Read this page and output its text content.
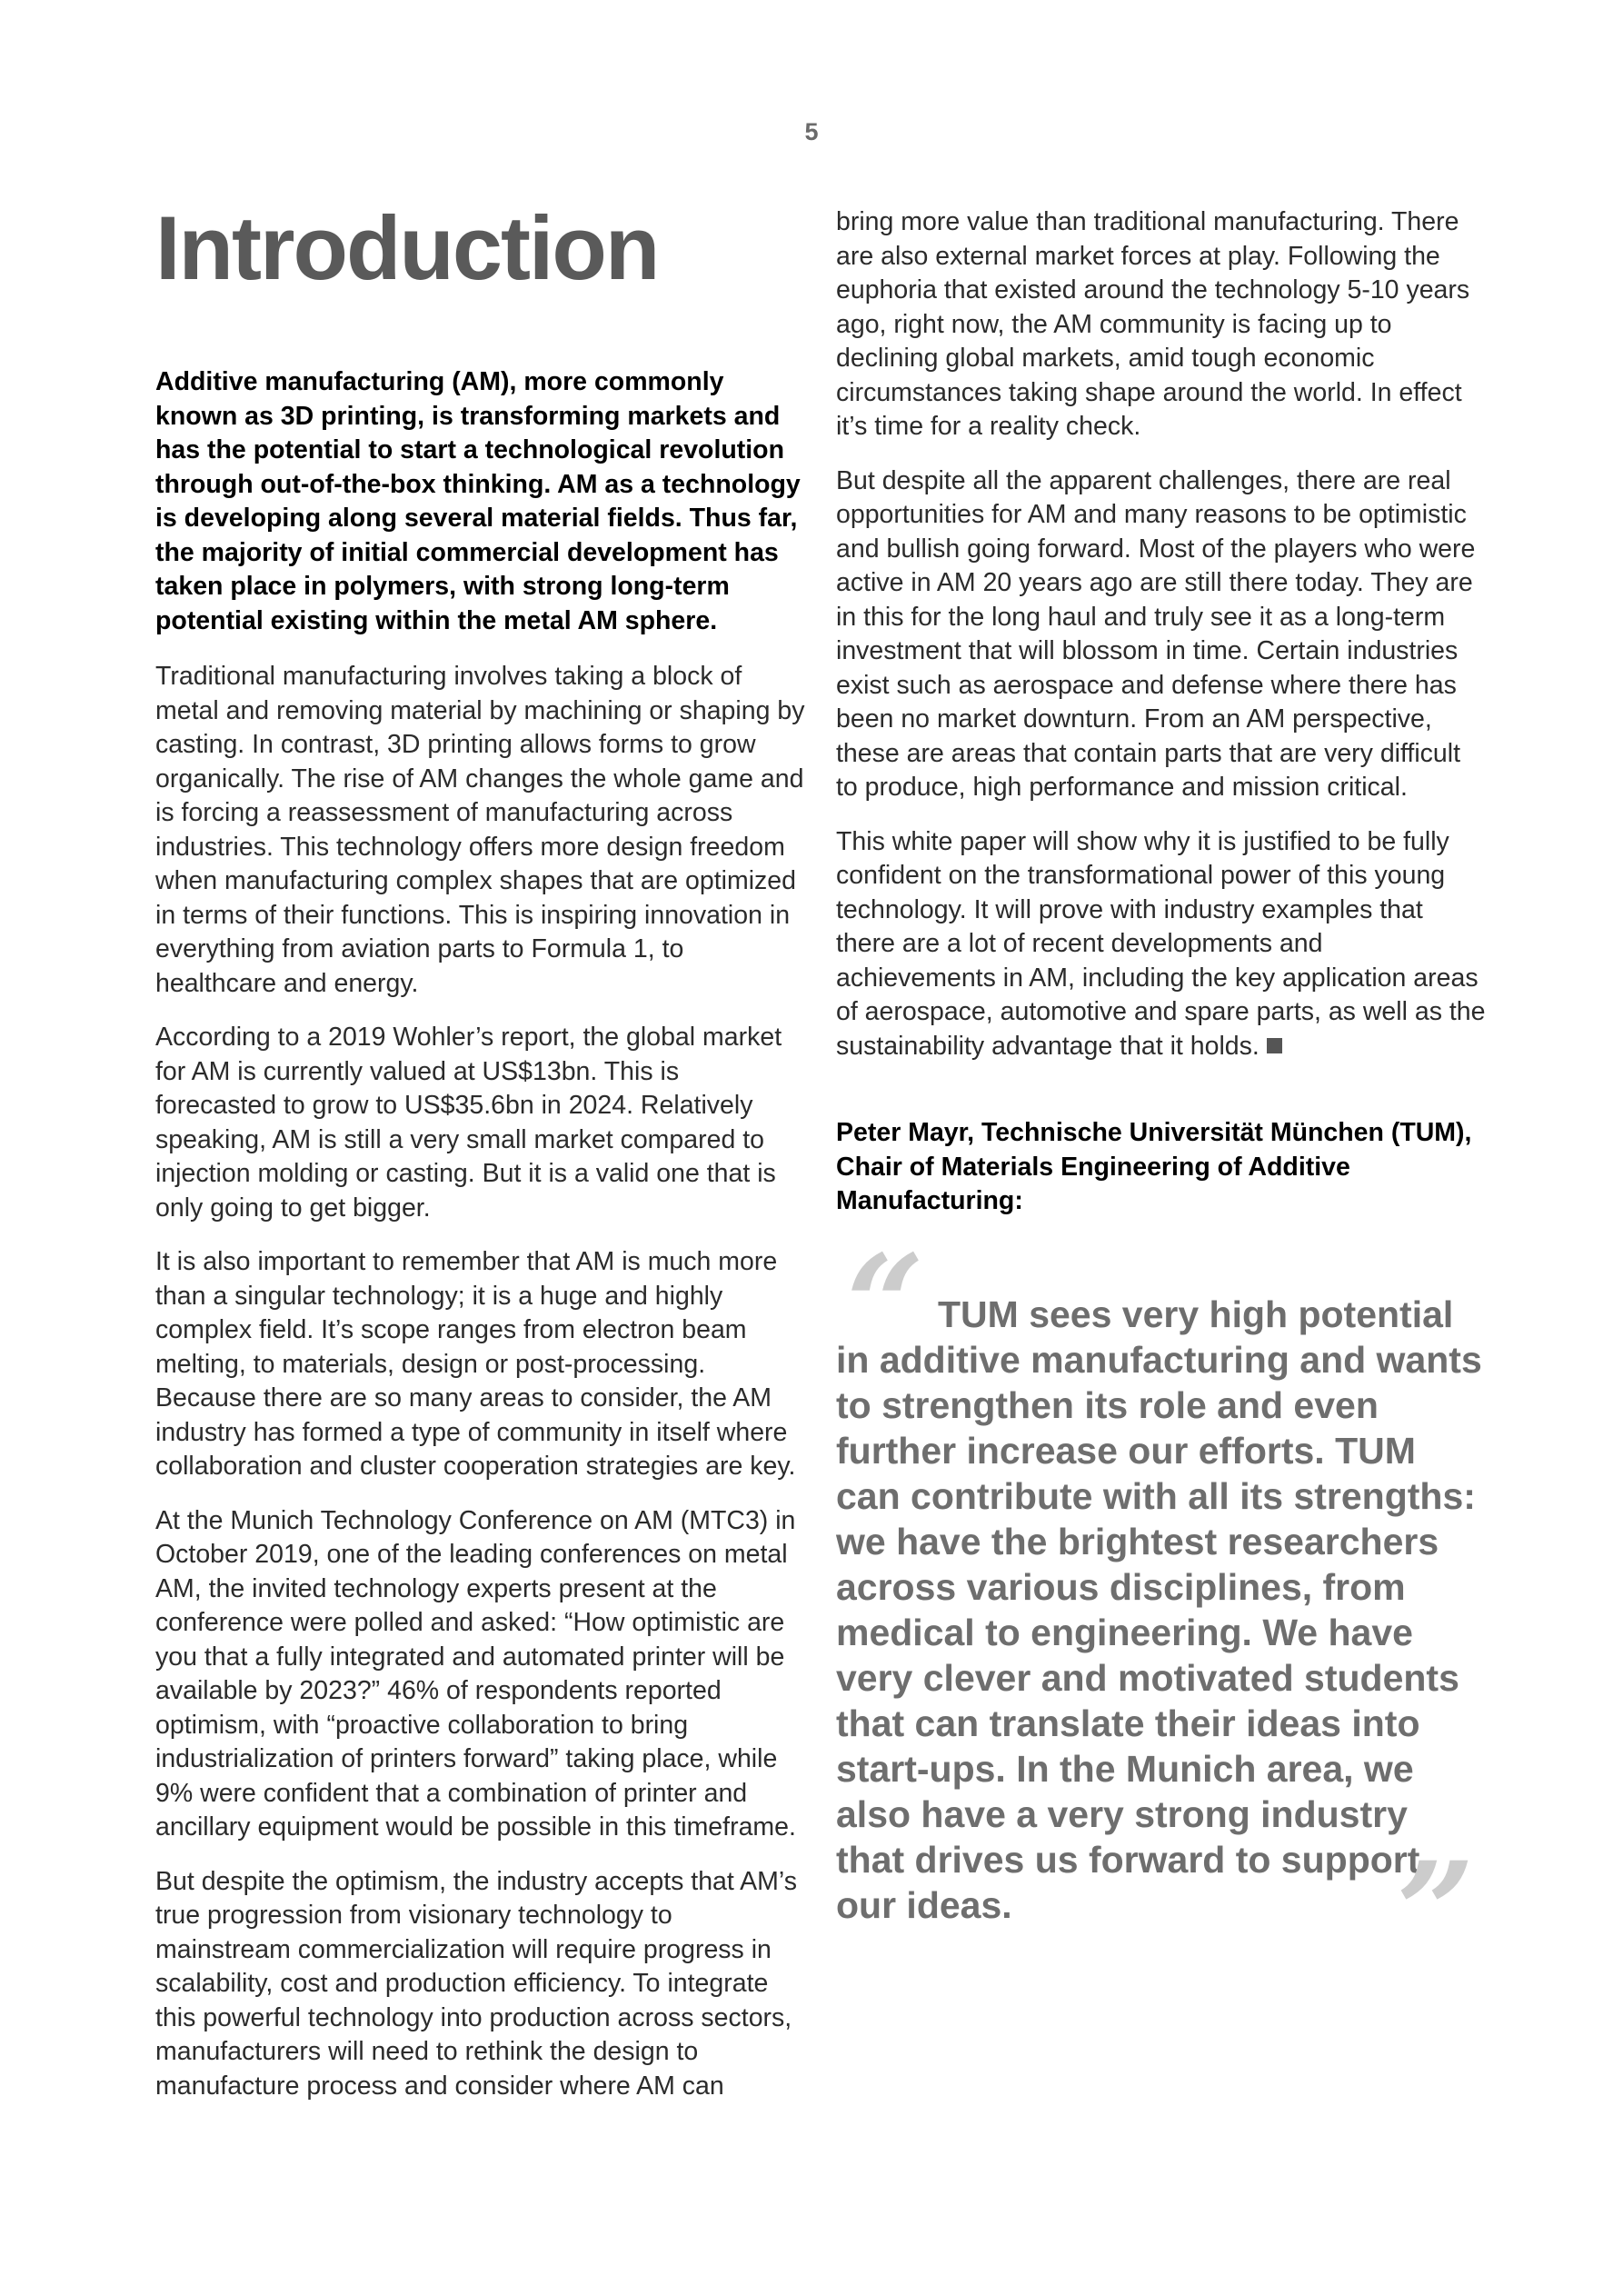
5
Introduction

Additive manufacturing (AM), more commonly known as 3D printing, is transforming markets and has the potential to start a technological revolution through out-of-the-box thinking. AM as a technology is developing along several material fields. Thus far, the majority of initial commercial development has taken place in polymers, with strong long-term potential existing within the metal AM sphere.

Traditional manufacturing involves taking a block of metal and removing material by machining or shaping by casting. In contrast, 3D printing allows forms to grow organically. The rise of AM changes the whole game and is forcing a reassessment of manufacturing across industries. This technology offers more design freedom when manufacturing complex shapes that are optimized in terms of their functions. This is inspiring innovation in everything from aviation parts to Formula 1, to healthcare and energy.

According to a 2019 Wohler’s report, the global market for AM is currently valued at US$13bn. This is forecasted to grow to US$35.6bn in 2024. Relatively speaking, AM is still a very small market compared to injection molding or casting. But it is a valid one that is only going to get bigger.

It is also important to remember that AM is much more than a singular technology; it is a huge and highly complex field. It’s scope ranges from electron beam melting, to materials, design or post-processing. Because there are so many areas to consider, the AM industry has formed a type of community in itself where collaboration and cluster cooperation strategies are key.

At the Munich Technology Conference on AM (MTC3) in October 2019, one of the leading conferences on metal AM, the invited technology experts present at the conference were polled and asked: “How optimistic are you that a fully integrated and automated printer will be available by 2023?” 46% of respondents reported optimism, with “proactive collaboration to bring industrialization of printers forward” taking place, while 9% were confident that a combination of printer and ancillary equipment would be possible in this timeframe.

But despite the optimism, the industry accepts that AM’s true progression from visionary technology to mainstream commercialization will require progress in scalability, cost and production efficiency. To integrate this powerful technology into production across sectors, manufacturers will need to rethink the design to manufacture process and consider where AM can

bring more value than traditional manufacturing. There are also external market forces at play. Following the euphoria that existed around the technology 5-10 years ago, right now, the AM community is facing up to declining global markets, amid tough economic circumstances taking shape around the world. In effect it’s time for a reality check.

But despite all the apparent challenges, there are real opportunities for AM and many reasons to be optimistic and bullish going forward. Most of the players who were active in AM 20 years ago are still there today. They are in this for the long haul and truly see it as a long-term investment that will blossom in time. Certain industries exist such as aerospace and defense where there has been no market downturn. From an AM perspective, these are areas that contain parts that are very difficult to produce, high performance and mission critical.

This white paper will show why it is justified to be fully confident on the transformational power of this young technology. It will prove with industry examples that there are a lot of recent developments and achievements in AM, including the key application areas of aerospace, automotive and spare parts, as well as the sustainability advantage that it holds.

Peter Mayr, Technische Universität München (TUM), Chair of Materials Engineering of Additive Manufacturing:

“ TUM sees very high potential in additive manufacturing and wants to strengthen its role and even further increase our efforts. TUM can contribute with all its strengths: we have the brightest researchers across various disciplines, from medical to engineering. We have very clever and motivated students that can translate their ideas into start-ups. In the Munich area, we also have a very strong industry that drives us forward to support our ideas.	”
